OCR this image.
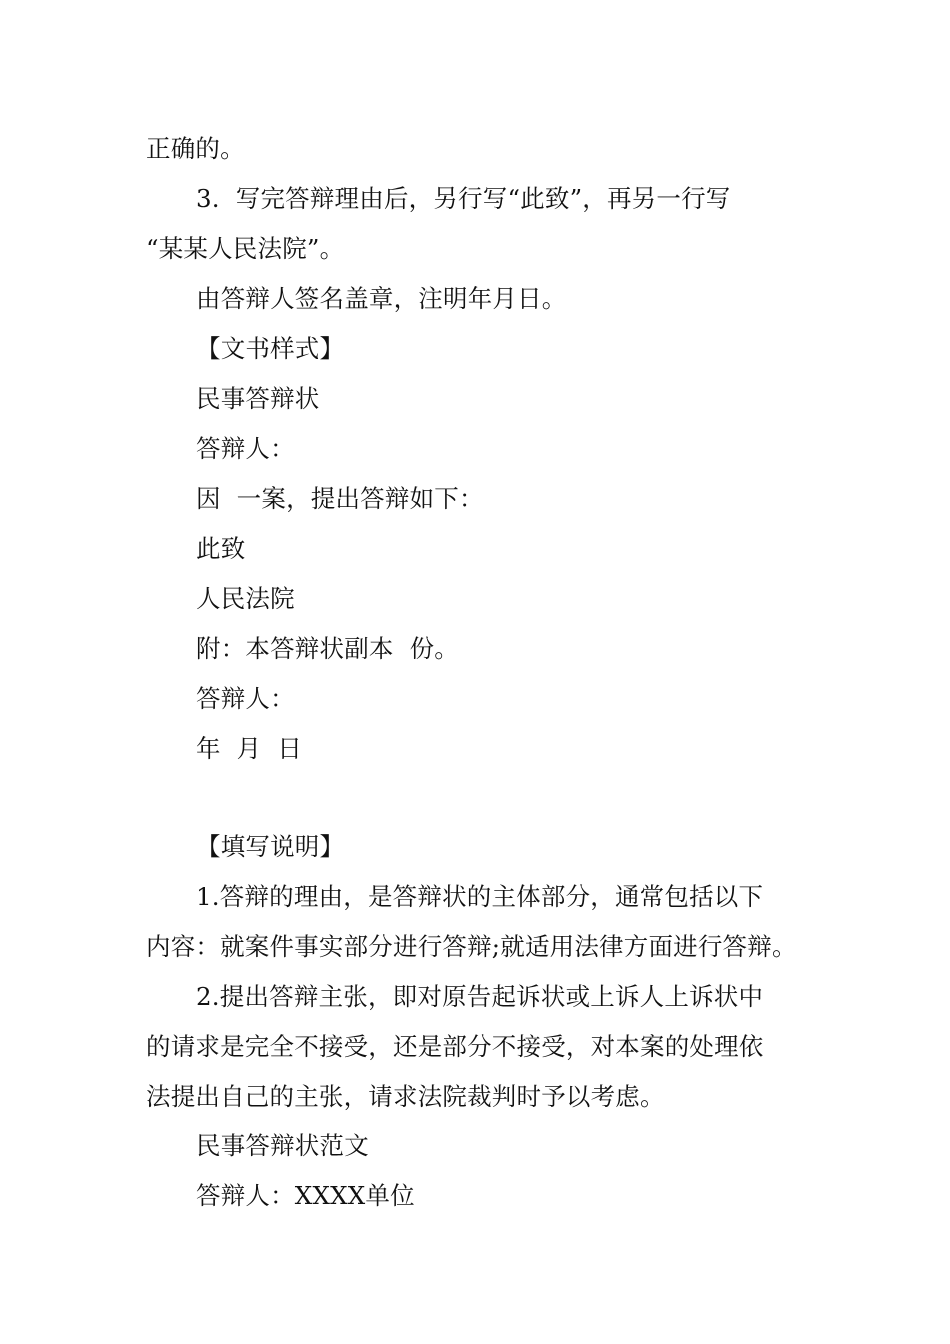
正确的。
3.  写完答辩理由后，另行写“此致”，再另一行写
“某某人民法院”。
由答辩人签名盖章，注明年月日。
【文书样式】
民事答辩状
答辩人：
因  一案，提出答辩如下：
此致
人民法院
附：本答辩状副本  份。
答辩人：
年  月  日
【填写说明】
1.答辩的理由，是答辩状的主体部分，通常包括以下
内容：就案件事实部分进行答辩;就适用法律方面进行答辩。
2.提出答辩主张，即对原告起诉状或上诉人上诉状中
的请求是完全不接受，还是部分不接受，对本案的处理依
法提出自己的主张，请求法院裁判时予以考虑。
民事答辩状范文
答辩人：XXXX单位
